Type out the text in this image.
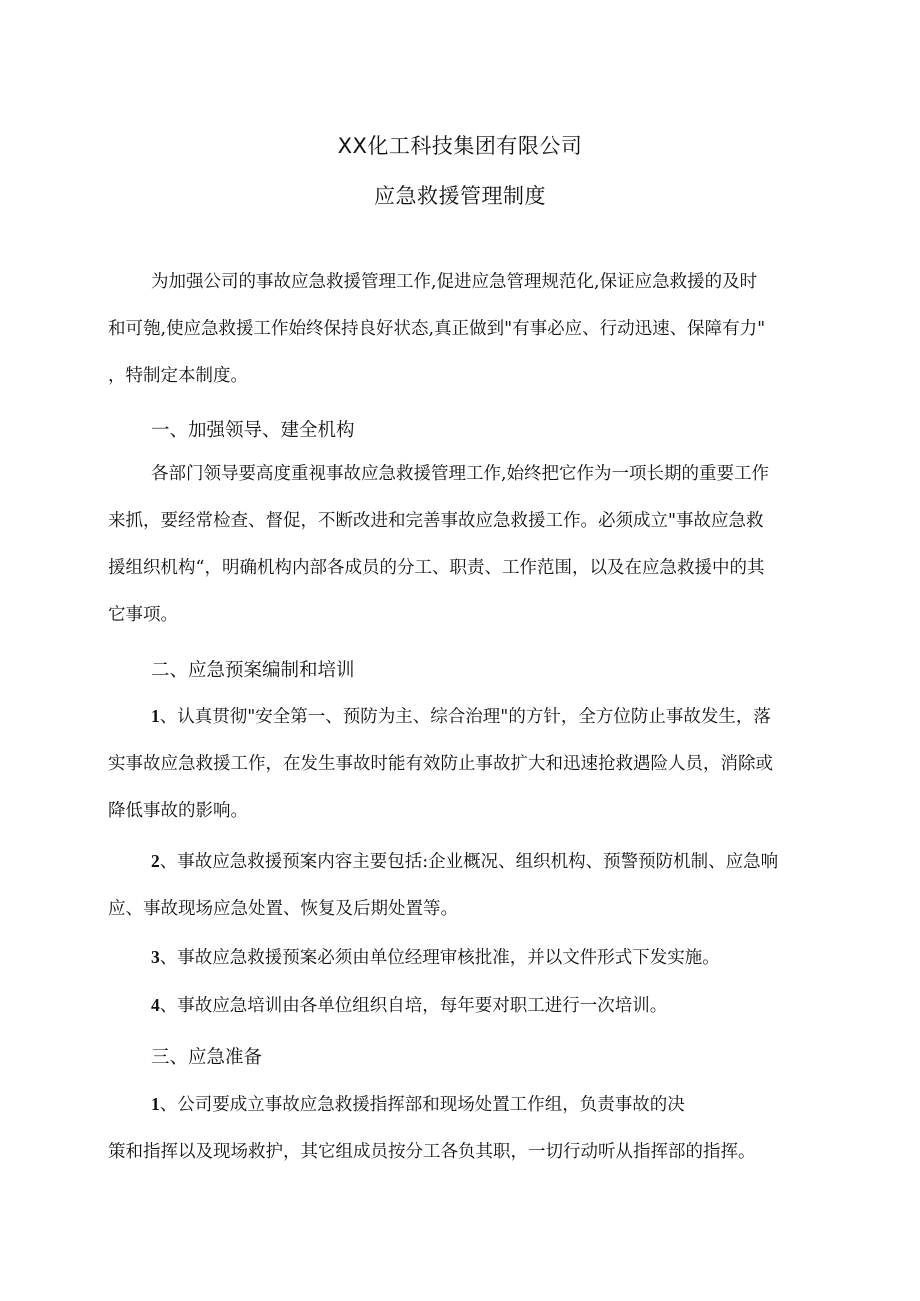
XX化工科技集团有限公司
应急救援管理制度

为加强公司的事故应急救援管理工作,促进应急管理规范化,保证应急救援的及时
和可匏,使应急救援工作始终保持良好状态,真正做到"有事必应、行动迅速、保障有力"
，特制定本制度。

一、加强领导、建全机构

各部门领导要高度重视事故应急救援管理工作,始终把它作为一项长期的重要工作
来抓，要经常检查、督促，不断改进和完善事故应急救援工作。必须成立"事故应急救
援组织机构“，明确机构内部各成员的分工、职责、工作范围，以及在应急救援中的其
它事项。

二、应急预案编制和培训

1、认真贯彻"安全第一、预防为主、综合治理"的方针，全方位防止事故发生，落
实事故应急救援工作，在发生事故时能有效防止事故扩大和迅速抢救遇险人员，消除或
降低事故的影响。

2、事故应急救援预案内容主要包括:企业概况、组织机构、预警预防机制、应急响
应、事故现场应急处置、恢复及后期处置等。

3、事故应急救援预案必须由单位经理审核批准，并以文件形式下发实施。

4、事故应急培训由各单位组织自培，每年要对职工进行一次培训。

三、应急准备

1、公司要成立事故应急救援指挥部和现场处置工作组，负责事故的决
策和指挥以及现场救护，其它组成员按分工各负其职，一切行动听从指挥部的指挥。
